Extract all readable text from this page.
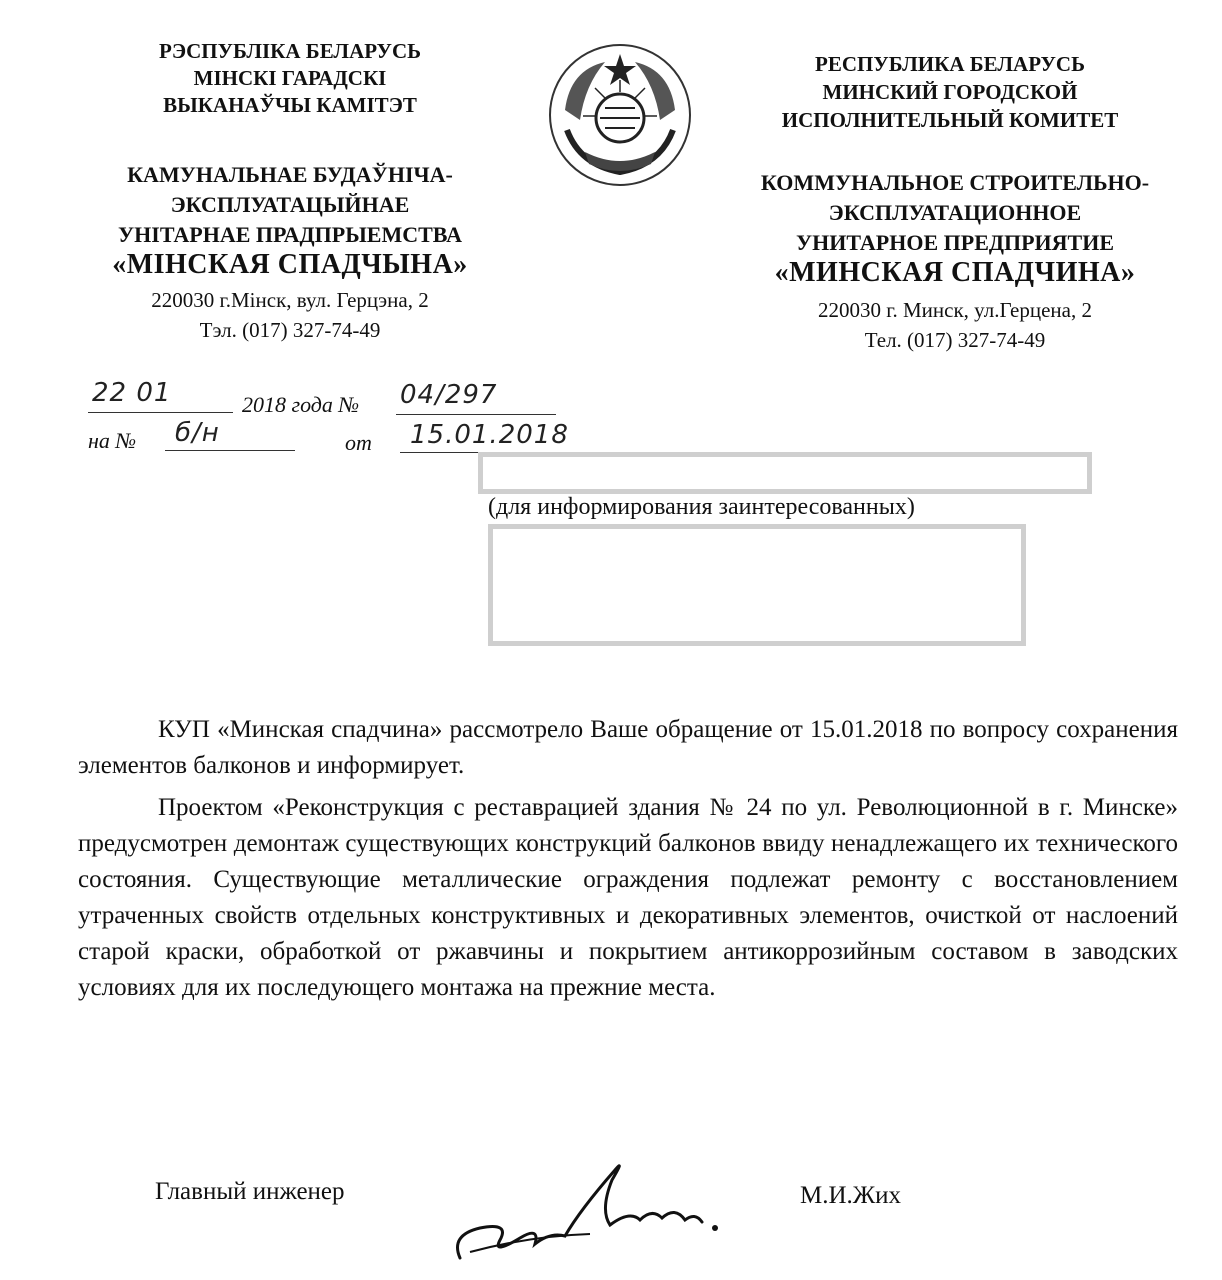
РЭСПУБЛІКА БЕЛАРУСЬ
МІНСКІ ГАРАДСКІ
ВЫКАНАЎЧЫ КАМІТЭТ
КАМУНАЛЬНАЕ БУДАЎНІЧА-
ЭКСПЛУАТАЦЫЙНАЕ
УНІТАРНАЕ ПРАДПРЫЕМСТВА
«МІНСКАЯ СПАДЧЫНА»
220030 г.Мінск, вул. Герцэна, 2
Тэл. (017) 327-74-49
РЕСПУБЛИКА БЕЛАРУСЬ
МИНСКИЙ ГОРОДСКОЙ
ИСПОЛНИТЕЛЬНЫЙ КОМИТЕТ
КОММУНАЛЬНОЕ СТРОИТЕЛЬНО-
ЭКСПЛУАТАЦИОННОЕ
УНИТАРНОЕ ПРЕДПРИЯТИЕ
«МИНСКАЯ СПАДЧИНА»
220030 г. Минск, ул.Герцена, 2
Тел. (017) 327-74-49
22 01	2018 года № 04/297
на № б/н	от 15.01.2018
(для информирования заинтересованных)
КУП «Минская спадчина» рассмотрело Ваше обращение от 15.01.2018 по вопросу сохранения элементов балконов и информирует.
Проектом «Реконструкция с реставрацией здания № 24 по ул. Революционной в г. Минске» предусмотрен демонтаж существующих конструкций балконов ввиду ненадлежащего их технического состояния. Существующие металлические ограждения подлежат ремонту с восстановлением утраченных свойств отдельных конструктивных и декоративных элементов, очисткой от наслоений старой краски, обработкой от ржавчины и покрытием антикоррозийным составом в заводских условиях для их последующего монтажа на прежние места.
Главный инженер	М.И.Жих
